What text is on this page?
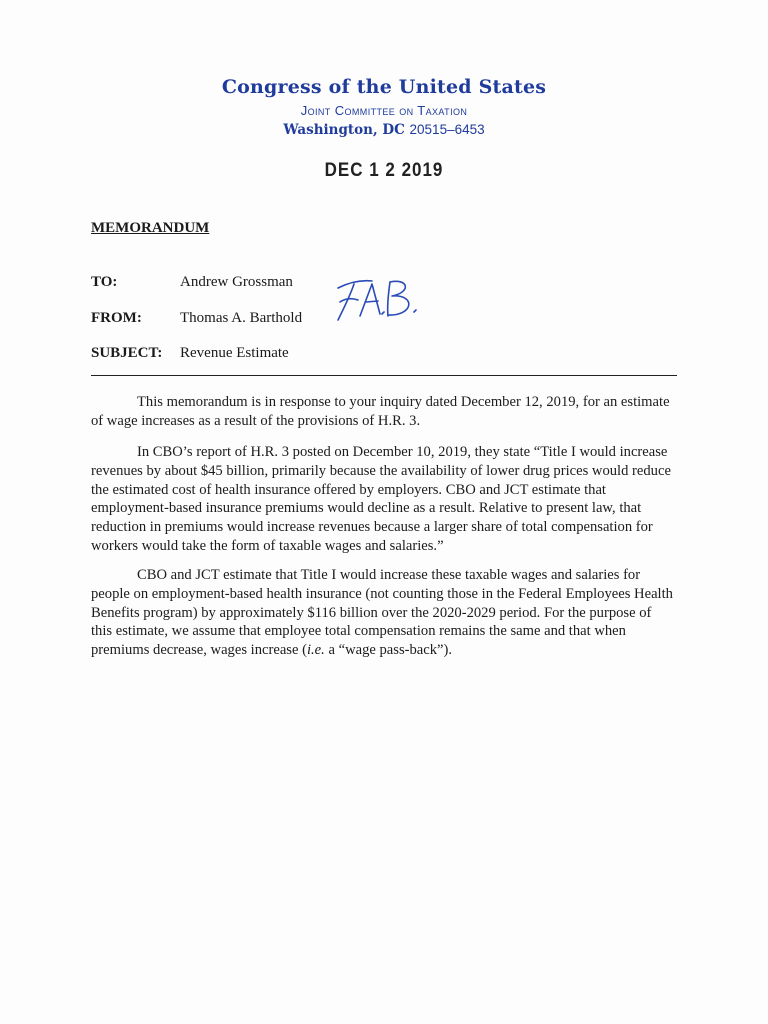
Congress of the United States
Joint Committee on Taxation
Washington, DC 20515–6453
DEC 1 2 2019
MEMORANDUM
TO:	Andrew Grossman
FROM:	Thomas A. Barthold
SUBJECT: Revenue Estimate

This memorandum is in response to your inquiry dated December 12, 2019, for an estimate of wage increases as a result of the provisions of H.R. 3.

In CBO’s report of H.R. 3 posted on December 10, 2019, they state “Title I would increase revenues by about $45 billion, primarily because the availability of lower drug prices would reduce the estimated cost of health insurance offered by employers. CBO and JCT estimate that employment-based insurance premiums would decline as a result. Relative to present law, that reduction in premiums would increase revenues because a larger share of total compensation for workers would take the form of taxable wages and salaries.”

CBO and JCT estimate that Title I would increase these taxable wages and salaries for people on employment-based health insurance (not counting those in the Federal Employees Health Benefits program) by approximately $116 billion over the 2020-2029 period. For the purpose of this estimate, we assume that employee total compensation remains the same and that when premiums decrease, wages increase (i.e. a “wage pass-back”).
